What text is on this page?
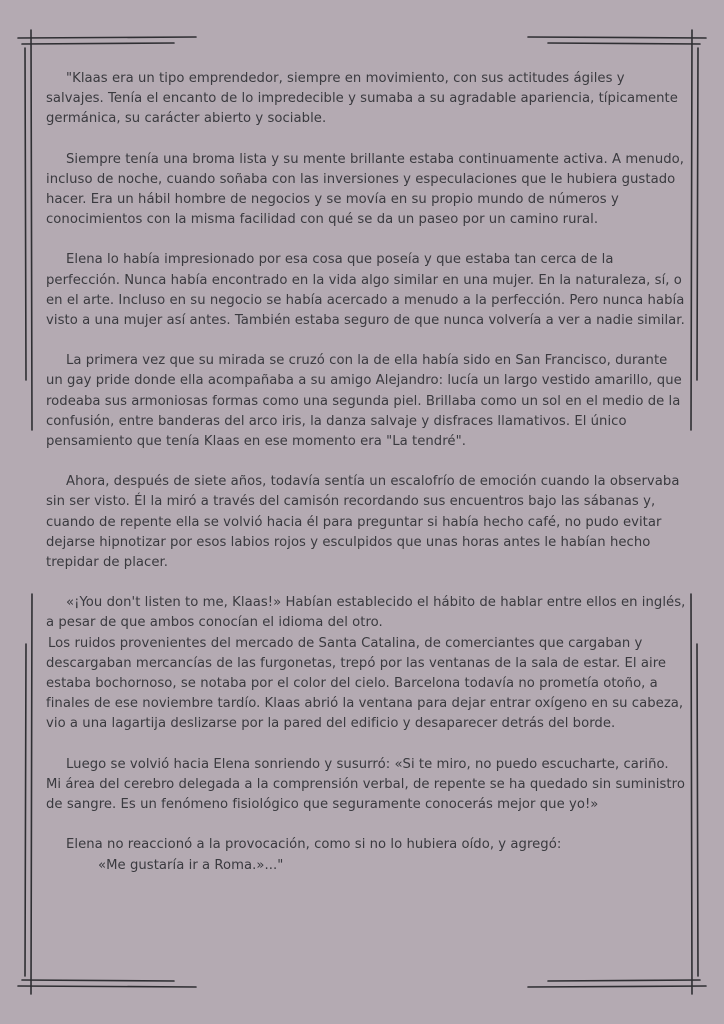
"Klaas era un tipo emprendedor, siempre en movimiento, con sus actitudes ágiles y salvajes. Tenía el encanto de lo impredecible y sumaba a su agradable apariencia, típicamente germánica, su carácter abierto y sociable.

Siempre tenía una broma lista y su mente brillante estaba continuamente activa. A menudo, incluso de noche, cuando soñaba con las inversiones y especulaciones que le hubiera gustado hacer. Era un hábil hombre de negocios y se movía en su propio mundo de números y conocimientos con la misma facilidad con qué se da un paseo por un camino rural.

Elena lo había impresionado por esa cosa que poseía y que estaba tan cerca de la perfección. Nunca había encontrado en la vida algo similar en una mujer. En la naturaleza, sí, o en el arte. Incluso en su negocio se había acercado a menudo a la perfección. Pero nunca había visto a una mujer así antes. También estaba seguro de que nunca volvería a ver a nadie similar.

La primera vez que su mirada se cruzó con la de ella había sido en San Francisco, durante un gay pride donde ella acompañaba a su amigo Alejandro: lucía un largo vestido amarillo, que rodeaba sus armoniosas formas como una segunda piel. Brillaba como un sol en el medio de la confusión, entre banderas del arco iris, la danza salvaje y disfraces llamativos. El único pensamiento que tenía Klaas en ese momento era "La tendré".

Ahora, después de siete años, todavía sentía un escalofrío de emoción cuando la observaba sin ser visto. Él la miró a través del camisón recordando sus encuentros bajo las sábanas y, cuando de repente ella se volvió hacia él para preguntar si había hecho café, no pudo evitar dejarse hipnotizar por esos labios rojos y esculpidos que unas horas antes le habían hecho trepidar de placer.

«¡You don't listen to me, Klaas!» Habían establecido el hábito de hablar entre ellos en inglés, a pesar de que ambos conocían el idioma del otro.

Los ruidos provenientes del mercado de Santa Catalina, de comerciantes que cargaban y descargaban mercancías de las furgonetas, trepó por las ventanas de la sala de estar. El aire estaba bochornoso, se notaba por el color del cielo. Barcelona todavía no prometía otoño, a finales de ese noviembre tardío. Klaas abrió la ventana para dejar entrar oxígeno en su cabeza, vio a una lagartija deslizarse por la pared del edificio y desaparecer detrás del borde.

Luego se volvió hacia Elena sonriendo y susurró: «Si te miro, no puedo escucharte, cariño. Mi área del cerebro delegada a la comprensión verbal, de repente se ha quedado sin suministro de sangre. Es un fenómeno fisiológico que seguramente conocerás mejor que yo!»

Elena no reaccionó a la provocación, como si no lo hubiera oído, y agregó:

«Me gustaría ir a Roma.»..."
